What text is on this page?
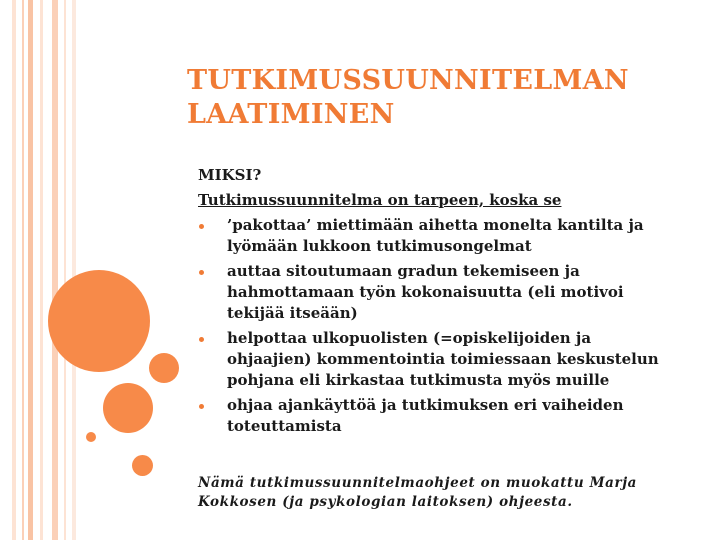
TUTKIMUSSUUNNITELMAN
LAATIMINEN
MIKSI?
Tutkimussuunnitelma on tarpeen, koska se
’pakottaa’ miettimään aihetta monelta kantilta ja lyömään lukkoon tutkimusongelmat
auttaa sitoutumaan gradun tekemiseen ja hahmottamaan työn kokonaisuutta (eli motivoi tekijää itseään)
helpottaa ulkopuolisten (=opiskelijoiden ja ohjaajien) kommentointia toimiessaan keskustelun pohjana eli kirkastaa tutkimusta myös muille
ohjaa ajankäyttöä ja tutkimuksen eri vaiheiden toteuttamista
Nämä tutkimussuunnitelmaohjeet on muokattu Marja Kokkosen (ja psykologian laitoksen) ohjeesta.
